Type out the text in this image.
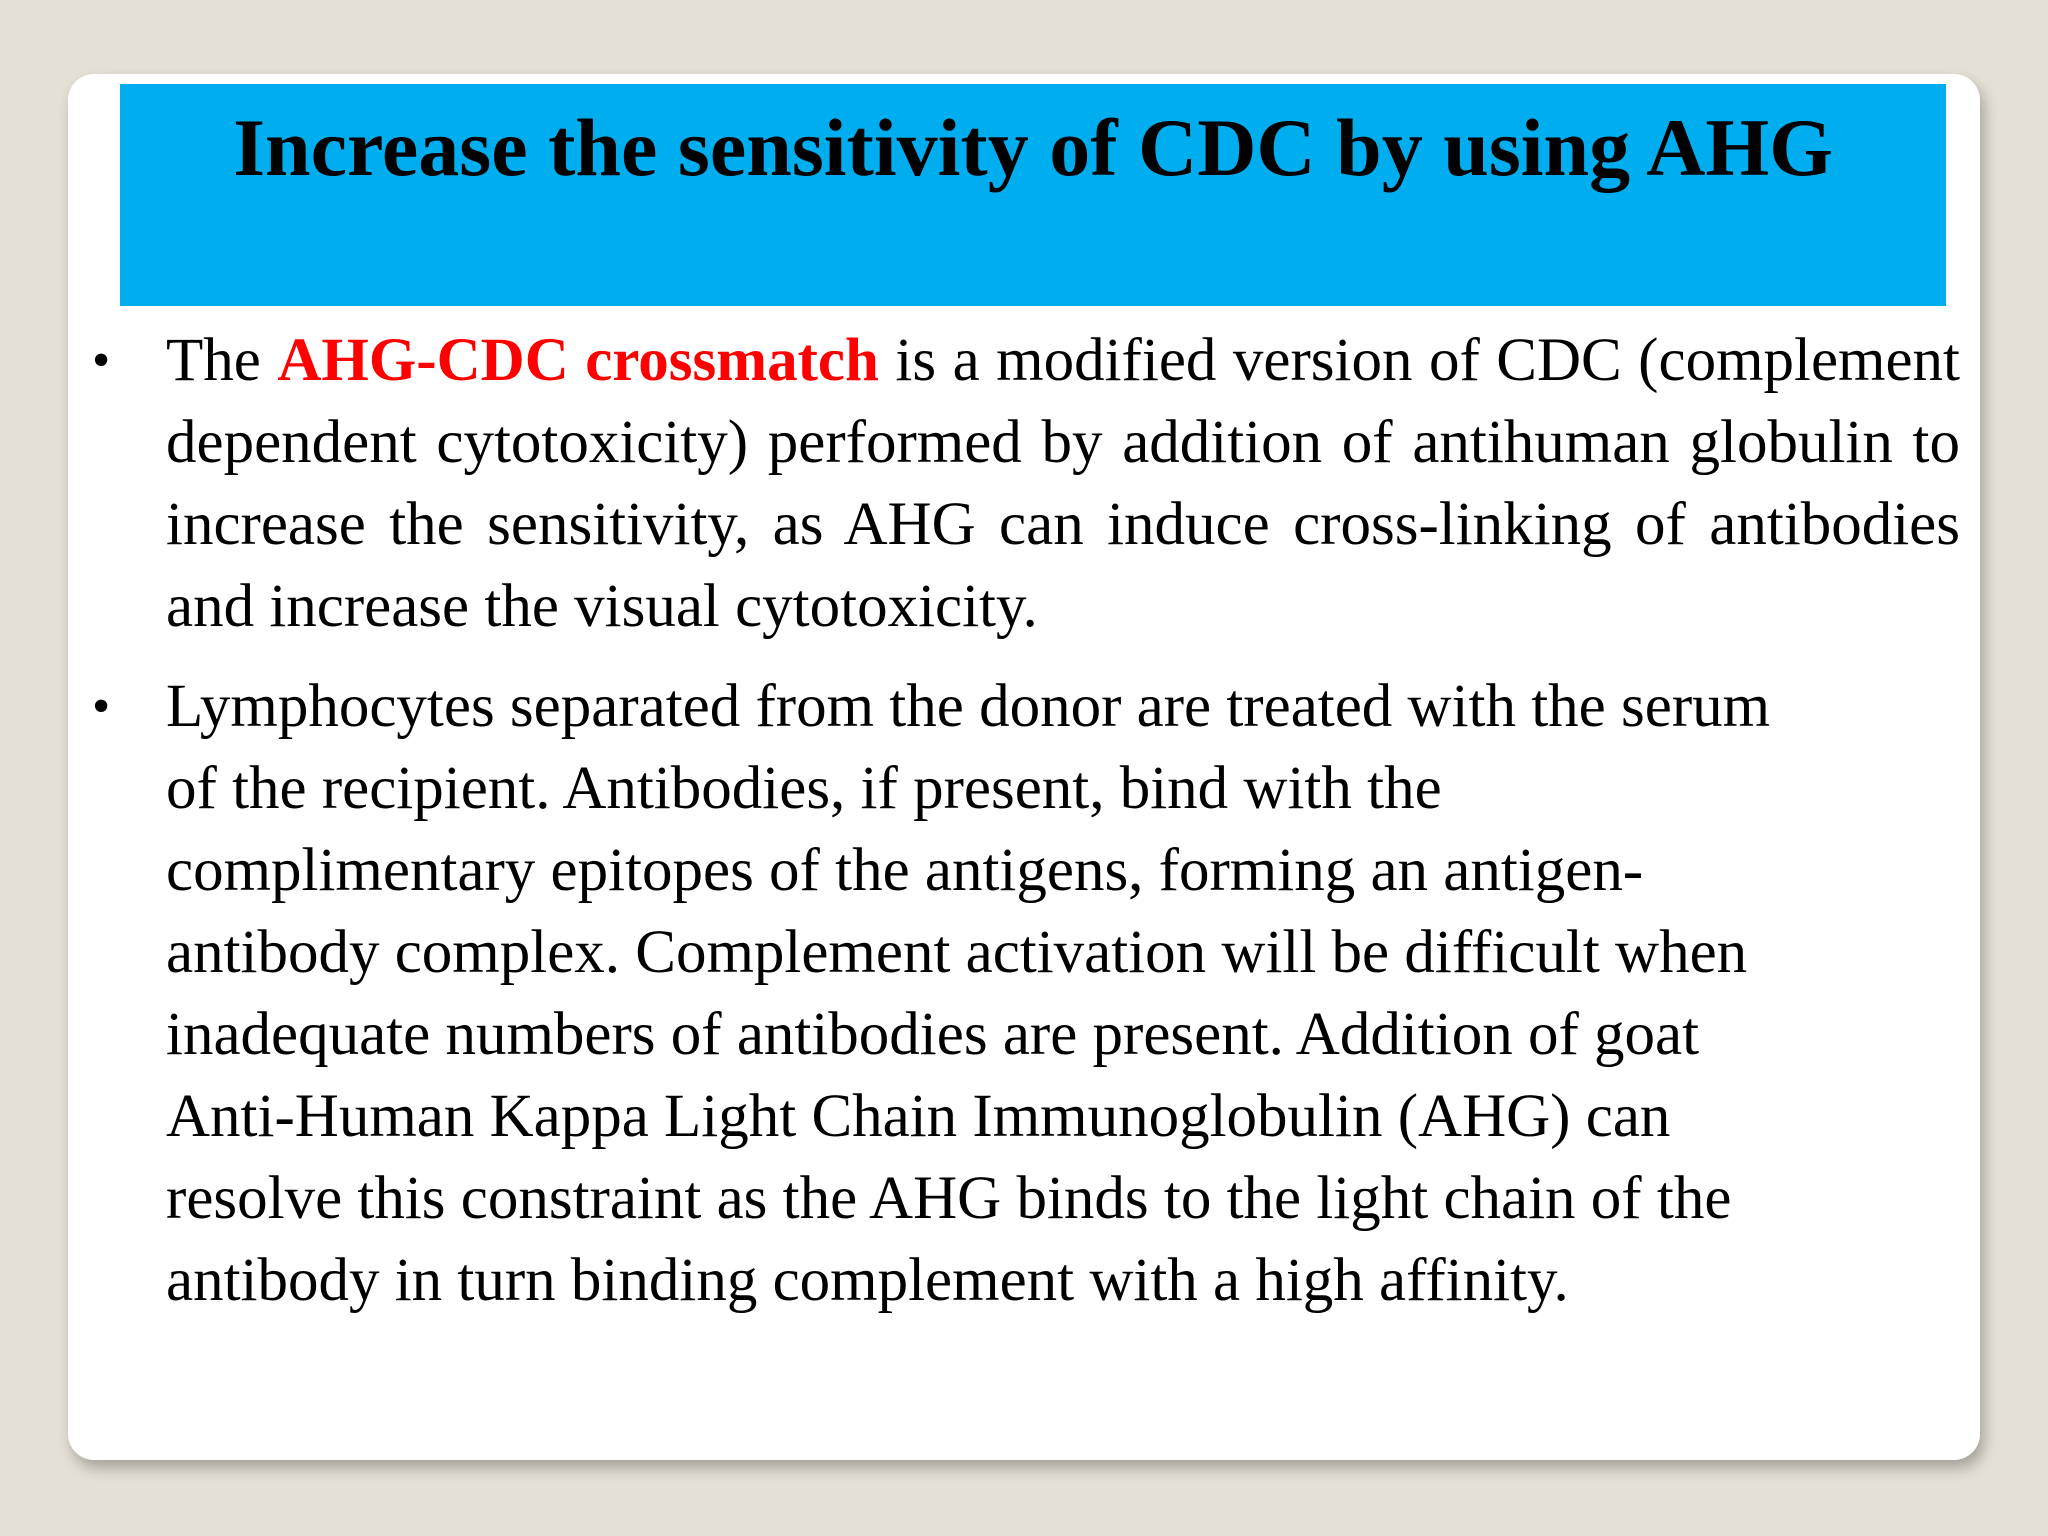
Increase the sensitivity of CDC by using AHG
• The AHG-CDC crossmatch is a modified version of CDC (complement dependent cytotoxicity) performed by addition of antihuman globulin to increase the sensitivity, as AHG can induce cross-linking of antibodies and increase the visual cytotoxicity.
• Lymphocytes separated from the donor are treated with the serum
of the recipient. Antibodies, if present, bind with the
complimentary epitopes of the antigens, forming an antigen-
antibody complex. Complement activation will be difficult when
inadequate numbers of antibodies are present. Addition of goat
Anti-Human Kappa Light Chain Immunoglobulin (AHG) can
resolve this constraint as the AHG binds to the light chain of the
antibody in turn binding complement with a high affinity.
